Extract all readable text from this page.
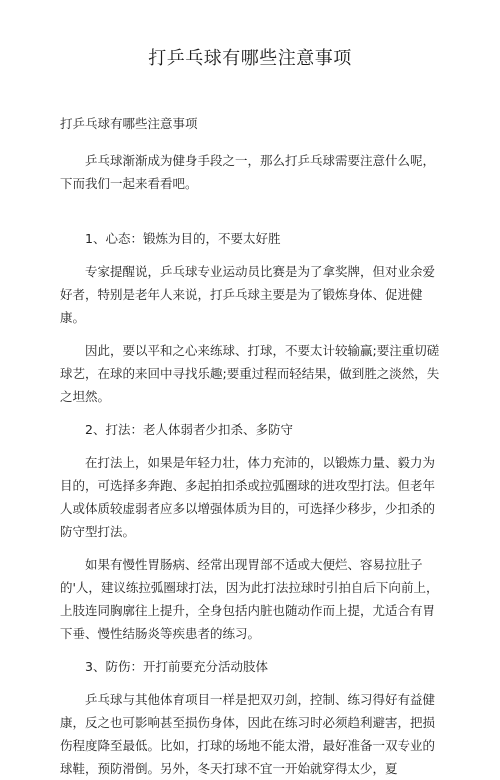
打乒乓球有哪些注意事项

打乒乓球有哪些注意事项

乒乓球渐渐成为健身手段之一，那么打乒乓球需要注意什么呢，下而我们一起来看看吧。

1、心态：锻炼为目的，不要太好胜

专家提醒说，乒乓球专业运动员比赛是为了拿奖牌，但对业余爱好者，特别是老年人来说，打乒乓球主要是为了锻炼身体、促进健 康。

因此，要以平和之心来练球、打球，不要太计较输赢;要注重切磋球艺，在球的来回中寻找乐趣;要重过程而轻结果，做到胜之淡然，失之坦然。

2、打法：老人体弱者少扣杀、多防守

在打法上，如果是年轻力壮，体力充沛的，以锻炼力量、毅力为目的，可选择多奔跑、多起拍扣杀或拉弧圈球的进攻型打法。但老年人或体质较虚弱者应多以增强体质为目的，可选择少移步，少扣杀的防守型打法。

如果有慢性胃肠病、经常出现胃部不适或大便烂、容易拉肚子的'人，建议练拉弧圈球打法，因为此打法拉球时引拍自后下向前上，上肢连同胸廓往上提升，全身包括内脏也随动作而上提，尤适合有胃下垂、慢性结肠炎等疾患者的练习。

3、防伤：开打前要充分活动肢体

乒乓球与其他体育项目一样是把双刃剑，控制、练习得好有益健康，反之也可影响甚至损伤身体，因此在练习时必须趋利避害，把损伤程度降至最低。比如，打球的场地不能太滑，最好准备一双专业的球鞋，预防滑倒。另外，冬天打球不宜一开始就穿得太少，夏
